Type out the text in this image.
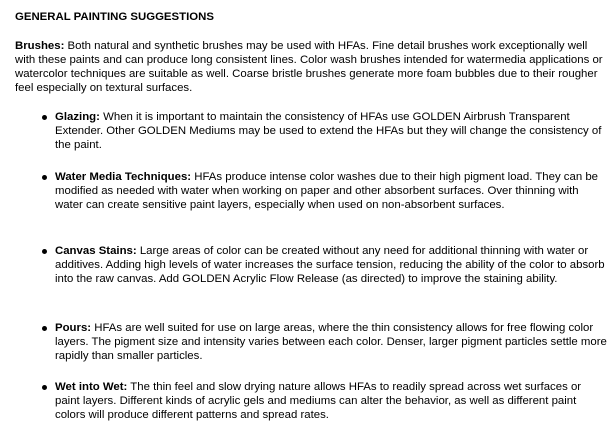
GENERAL PAINTING SUGGESTIONS

Brushes: Both natural and synthetic brushes may be used with HFAs. Fine detail brushes work exceptionally well with these paints and can produce long consistent lines. Color wash brushes intended for watermedia applications or watercolor techniques are suitable as well. Coarse bristle brushes generate more foam bubbles due to their rougher feel especially on textural surfaces.

Glazing: When it is important to maintain the consistency of HFAs use GOLDEN Airbrush Transparent Extender. Other GOLDEN Mediums may be used to extend the HFAs but they will change the consistency of the paint.
Water Media Techniques: HFAs produce intense color washes due to their high pigment load. They can be modified as needed with water when working on paper and other absorbent surfaces. Over thinning with water can create sensitive paint layers, especially when used on non-absorbent surfaces.
Canvas Stains: Large areas of color can be created without any need for additional thinning with water or additives. Adding high levels of water increases the surface tension, reducing the ability of the color to absorb into the raw canvas. Add GOLDEN Acrylic Flow Release (as directed) to improve the staining ability.
Pours: HFAs are well suited for use on large areas, where the thin consistency allows for free flowing color layers. The pigment size and intensity varies between each color. Denser, larger pigment particles settle more rapidly than smaller particles.
Wet into Wet: The thin feel and slow drying nature allows HFAs to readily spread across wet surfaces or paint layers. Different kinds of acrylic gels and mediums can alter the behavior, as well as different paint colors will produce different patterns and spread rates.
